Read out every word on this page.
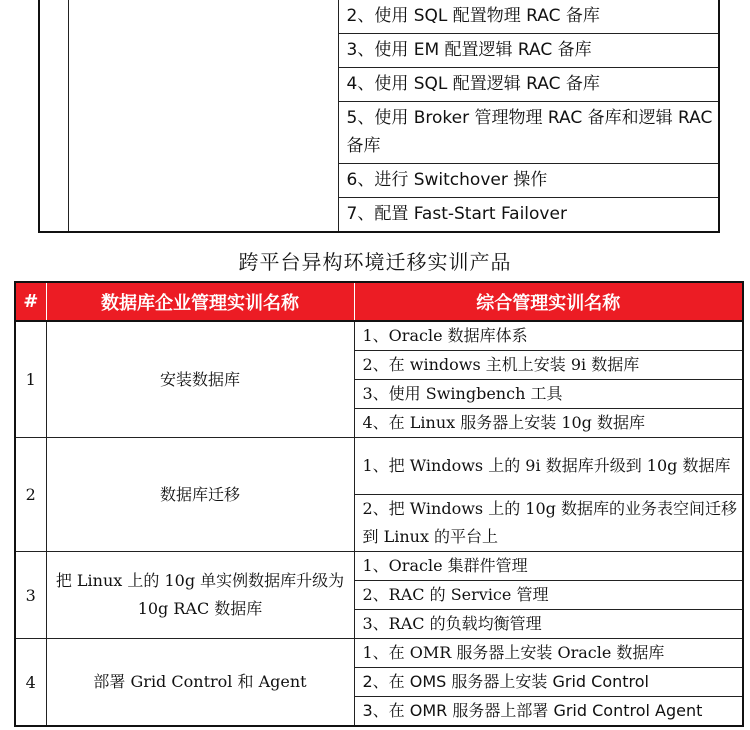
		2、使用 SQL 配置物理 RAC 备库
3、使用 EM 配置逻辑 RAC 备库
4、使用 SQL 配置逻辑 RAC 备库
5、使用 Broker 管理物理 RAC 备库和逻辑 RAC 备库
6、进行 Switchover 操作
7、配置 Fast-Start Failover
跨平台异构环境迁移实训产品
#	数据库企业管理实训名称	综合管理实训名称
1	安装数据库	1、Oracle 数据库体系
		2、在 windows 主机上安装 9i 数据库
		3、使用 Swingbench 工具
		4、在 Linux 服务器上安装 10g 数据库
2	数据库迁移	1、把 Windows 上的 9i 数据库升级到 10g 数据库
		2、把 Windows 上的 10g 数据库的业务表空间迁移到 Linux 的平台上
3	把 Linux 上的 10g 单实例数据库升级为 10g RAC 数据库	1、Oracle 集群件管理
		2、RAC 的 Service 管理
		3、RAC 的负载均衡管理
4	部署 Grid Control 和 Agent	1、在 OMR 服务器上安装 Oracle 数据库
		2、在 OMS 服务器上安装 Grid Control
		3、在 OMR 服务器上部署 Grid Control Agent
